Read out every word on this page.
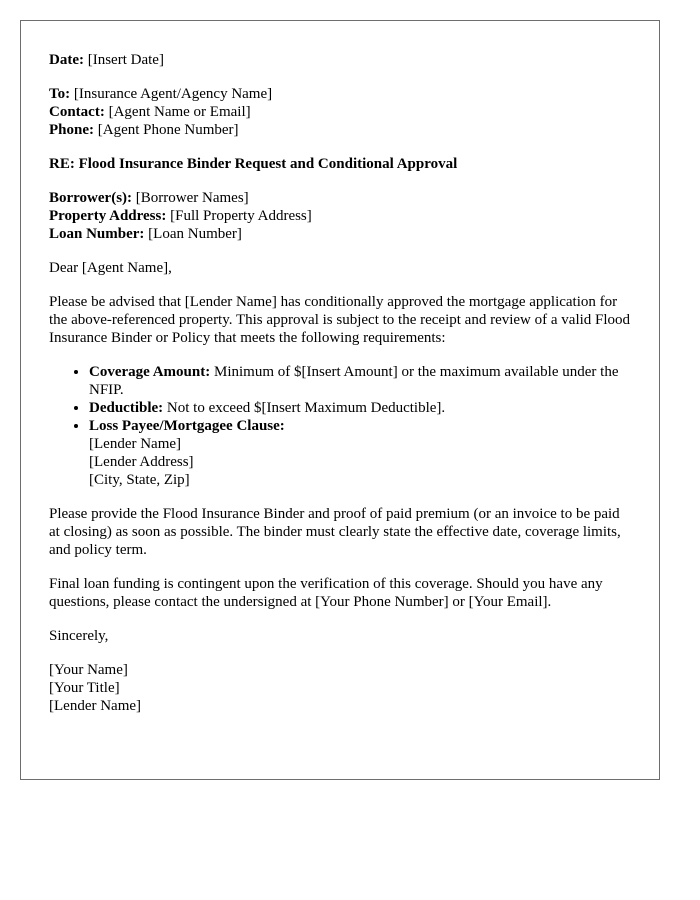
Date: [Insert Date]

To: [Insurance Agent/Agency Name]
Contact: [Agent Name or Email]
Phone: [Agent Phone Number]

RE: Flood Insurance Binder Request and Conditional Approval

Borrower(s): [Borrower Names]
Property Address: [Full Property Address]
Loan Number: [Loan Number]

Dear [Agent Name],

Please be advised that [Lender Name] has conditionally approved the mortgage application for the above-referenced property. This approval is subject to the receipt and review of a valid Flood Insurance Binder or Policy that meets the following requirements:

• Coverage Amount: Minimum of $[Insert Amount] or the maximum available under the NFIP.
• Deductible: Not to exceed $[Insert Maximum Deductible].
• Loss Payee/Mortgagee Clause:
[Lender Name]
[Lender Address]
[City, State, Zip]

Please provide the Flood Insurance Binder and proof of paid premium (or an invoice to be paid at closing) as soon as possible. The binder must clearly state the effective date, coverage limits, and policy term.

Final loan funding is contingent upon the verification of this coverage. Should you have any questions, please contact the undersigned at [Your Phone Number] or [Your Email].

Sincerely,

[Your Name]
[Your Title]
[Lender Name]
